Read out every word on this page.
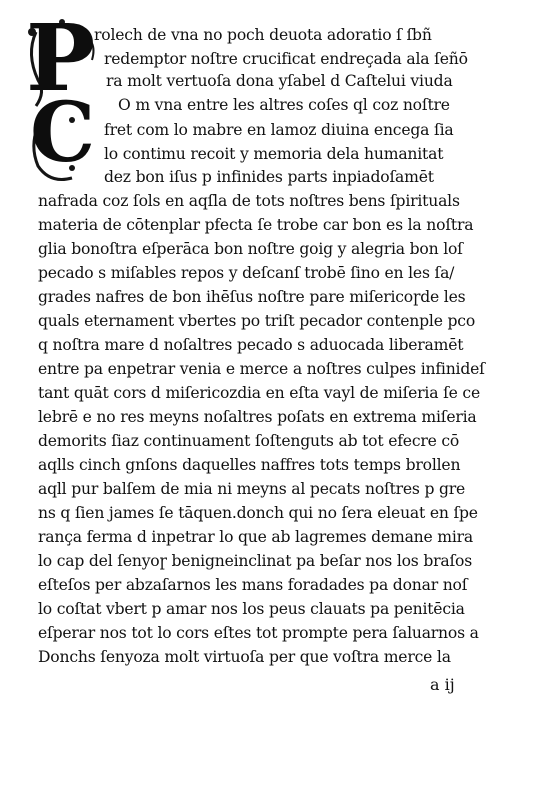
P
C
rolech de vna no poch deuota adoratio ſ ſbñ
redemptor noſtre crucificat endreçada ala ſeñō
ra molt vertuoſa dona yſabel d Caſtelui viuda
O m vna entre les altres coſes ql coz noſtre
fret com lo mabre en lamoz diuina encega ſia
lo contimu recoit y memoria dela humanitat
dez bon iſus p infinides parts inpiadoſamēt
nafrada coz ſols en aqſla de tots noſtres bens ſpirituals
materia de cōtenplar pfecta ſe trobe car bon es la noſtra
glia bonoſtra eſperāca bon noſtre goig y alegria bon loſ
pecado s miſables repos y deſcanſ trobē ſino en les ſa/
grades nafres de bon ihēſus noſtre pare miſericoɼde les
quals eternament vbertes po triſt pecador contenple pco
q noſtra mare d noſaltres pecado s aduocada liberamēt
entre pa enpetrar venia e merce a noſtres culpes infinideſ
tant quāt cors d miſericozdia en eſta vayl de miſeria ſe ce
lebrē e no res meyns noſaltres poſats en extrema miſeria
demorits ſiaz continuament ſoſtenguts ab tot efecre cō
aqlls cinch gnſons daquelles naffres tots temps brollen
aqll pur balſem de mia ni meyns al pecats noſtres p gre
ns q ſien james ſe tāquen.donch qui no ſera eleuat en ſpe
rança ferma d inpetrar lo que ab lagremes demane mira
lo cap del ſenyoɼ benigneinclinat pa beſar nos los braſos
eſteſos per abzaſarnos les mans foradades pa donar noſ
lo coſtat vbert p amar nos los peus clauats pa penitēcia
eſperar nos tot lo cors eſtes tot prompte pera ſaluarnos a
Donchs ſenyoza molt virtuoſa per que voſtra merce la
a ij
